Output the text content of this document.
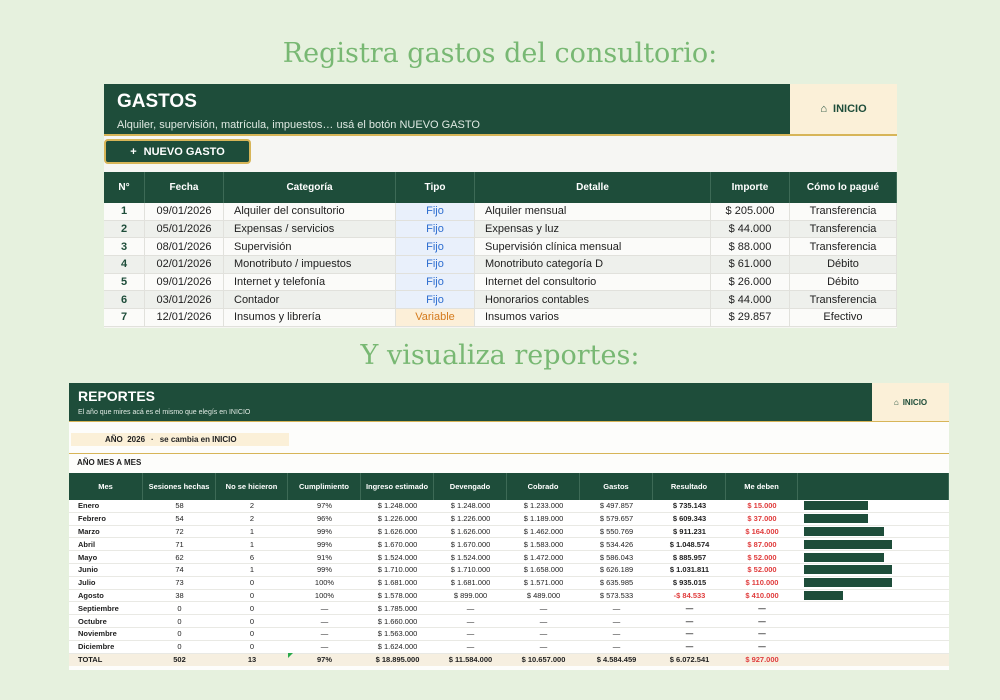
Registra gastos del consultorio:
GASTOS
Alquiler, supervisión, matrícula, impuestos… usá el botón NUEVO GASTO
⌂ INICIO
+ NUEVO GASTO
N°	Fecha	Categoría	Tipo	Detalle	Importe	Cómo lo pagué
1	09/01/2026	Alquiler del consultorio	Fijo	Alquiler mensual	$ 205.000	Transferencia
2	05/01/2026	Expensas / servicios	Fijo	Expensas y luz	$ 44.000	Transferencia
3	08/01/2026	Supervisión	Fijo	Supervisión clínica mensual	$ 88.000	Transferencia
4	02/01/2026	Monotributo / impuestos	Fijo	Monotributo categoría D	$ 61.000	Débito
5	09/01/2026	Internet y telefonía	Fijo	Internet del consultorio	$ 26.000	Débito
6	03/01/2026	Contador	Fijo	Honorarios contables	$ 44.000	Transferencia
7	12/01/2026	Insumos y librería	Variable	Insumos varios	$ 29.857	Efectivo
Y visualiza reportes:
REPORTES
El año que mires acá es el mismo que elegís en INICIO
⌂ INICIO
AÑO
2026 · se cambia en INICIO
AÑO MES A MES
Mes	Sesiones hechas	No se hicieron	Cumplimiento	Ingreso estimado	Devengado	Cobrado	Gastos	Resultado	Me deben
Enero	58	2	97%	$ 1.248.000	$ 1.248.000	$ 1.233.000	$ 497.857	$ 735.143	$ 15.000
Febrero	54	2	96%	$ 1.226.000	$ 1.226.000	$ 1.189.000	$ 579.657	$ 609.343	$ 37.000
Marzo	72	1	99%	$ 1.626.000	$ 1.626.000	$ 1.462.000	$ 550.769	$ 911.231	$ 164.000
Abril	71	1	99%	$ 1.670.000	$ 1.670.000	$ 1.583.000	$ 534.426	$ 1.048.574	$ 87.000
Mayo	62	6	91%	$ 1.524.000	$ 1.524.000	$ 1.472.000	$ 586.043	$ 885.957	$ 52.000
Junio	74	1	99%	$ 1.710.000	$ 1.710.000	$ 1.658.000	$ 626.189	$ 1.031.811	$ 52.000
Julio	73	0	100%	$ 1.681.000	$ 1.681.000	$ 1.571.000	$ 635.985	$ 935.015	$ 110.000
Agosto	38	0	100%	$ 1.578.000	$ 899.000	$ 489.000	$ 573.533	-$ 84.533	$ 410.000
Septiembre	0	0	—	$ 1.785.000	—	—	—	—	—
Octubre	0	0	—	$ 1.660.000	—	—	—	—	—
Noviembre	0	0	—	$ 1.563.000	—	—	—	—	—
Diciembre	0	0	—	$ 1.624.000	—	—	—	—	—
TOTAL	502	13	97%	$ 18.895.000	$ 11.584.000	$ 10.657.000	$ 4.584.459	$ 6.072.541	$ 927.000
